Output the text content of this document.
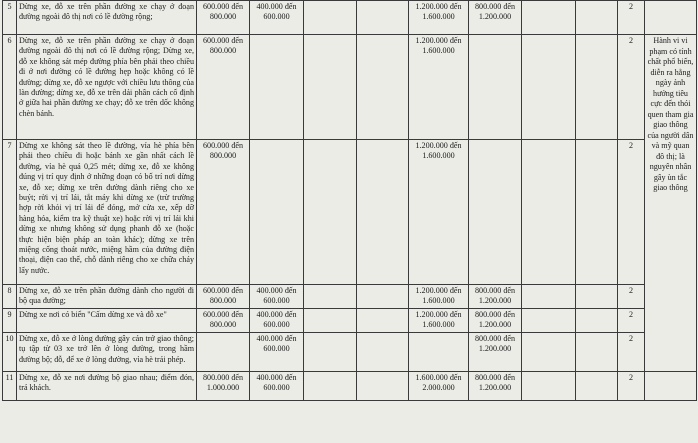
5	Dừng xe, đỗ xe trên phần đường xe chạy ở đoạn đường ngoài đô thị nơi có lề đường rộng;	600.000 đến
800.000	400.000 đến
600.000			1.200.000 đến
1.600.000	800.000 đến
1.200.000			2	
6	Dừng xe, đỗ xe trên phần đường xe chạy ở đoạn đường ngoài đô thị nơi có lề đường rộng; Dừng xe, đỗ xe không sát mép đường phía bên phải theo chiều đi ở nơi đường có lề đường hẹp hoặc không có lề đường; dừng xe, đỗ xe ngược với chiều lưu thông của làn đường; dừng xe, đỗ xe trên dải phân cách cố định ở giữa hai phần đường xe chạy; đỗ xe trên dốc không chèn bánh.	600.000 đến
800.000				1.200.000 đến
1.600.000				2	Hành vi vi phạm có tính chất phổ biến, diễn ra hằng ngày ảnh hưởng tiêu cực đến thói quen tham gia giao thông của người dân và mỹ quan đô thị; là nguyên nhân gây ùn tắc giao thông
7	Dừng xe không sát theo lề đường, vỉa hè phía bên phải theo chiều đi hoặc bánh xe gần nhất cách lề đường, vỉa hè quá 0,25 mét; dừng xe, đỗ xe không đúng vị trí quy định ở những đoạn có bố trí nơi dừng xe, đỗ xe; dừng xe trên đường dành riêng cho xe buýt; rời vị trí lái, tắt máy khi dừng xe (trừ trường hợp rời khỏi vị trí lái để đóng, mở cửa xe, xếp dỡ hàng hóa, kiểm tra kỹ thuật xe) hoặc rời vị trí lái khi dừng xe nhưng không sử dụng phanh đỗ xe (hoặc thực hiện biện pháp an toàn khác); dừng xe trên miệng cống thoát nước, miệng hầm của đường điện thoại, điện cao thế, chỗ dành riêng cho xe chữa cháy lấy nước.	600.000 đến
800.000				1.200.000 đến
1.600.000				2	
8	Dừng xe, đỗ xe trên phần đường dành cho người đi bộ qua đường;	600.000 đến
800.000	400.000 đến
600.000			1.200.000 đến
1.600.000	800.000 đến
1.200.000			2	
9	Dừng xe nơi có biển "Cấm dừng xe và đỗ xe"	600.000 đến
800.000	400.000 đến
600.000			1.200.000 đến
1.600.000	800.000 đến
1.200.000			2	
10	Dừng xe, đỗ xe ở lòng đường gây cản trở giao thông; tụ tập từ 03 xe trở lên ở lòng đường, trong hầm đường bộ; đỗ, để xe ở lòng đường, vỉa hè trái phép.		400.000 đến
600.000				800.000 đến
1.200.000			2	
11	Dừng xe, đỗ xe nơi đường bộ giao nhau; điểm đón, trả khách.	800.000 đến
1.000.000	400.000 đến
600.000			1.600.000 đến
2.000.000	800.000 đến
1.200.000			2	
